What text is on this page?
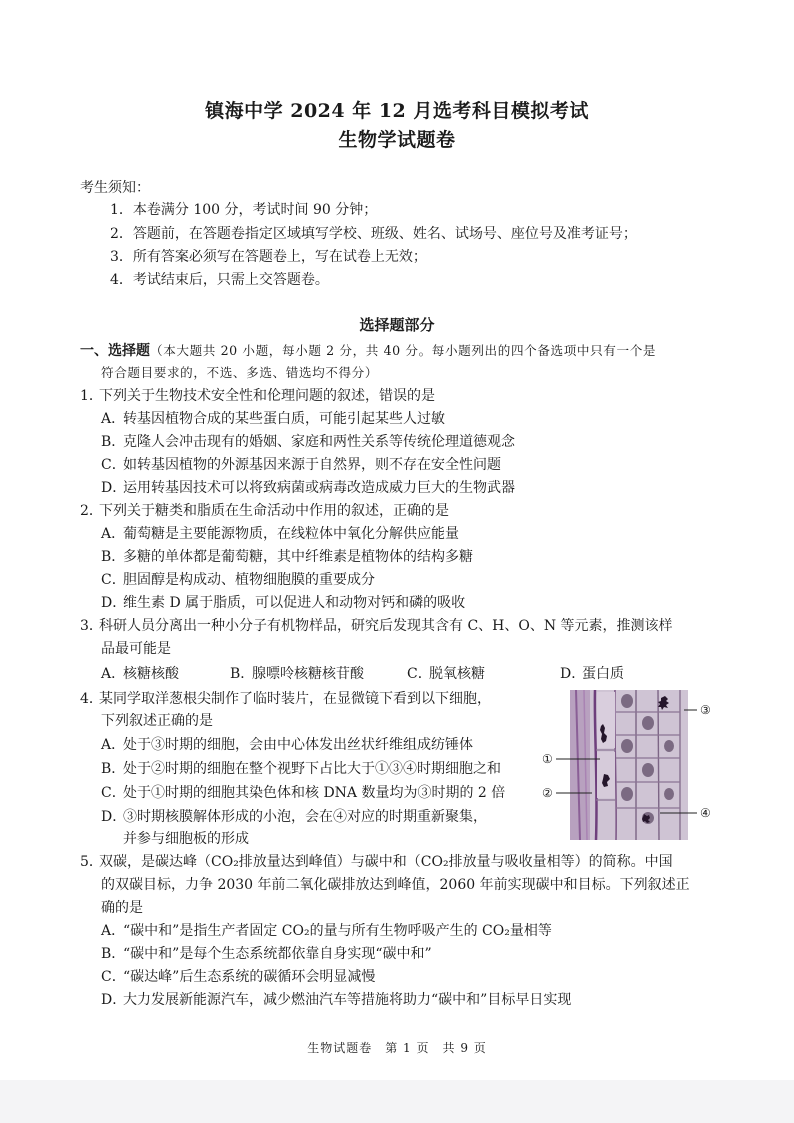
镇海中学 2024 年 12 月选考科目模拟考试
生物学试题卷
考生须知：
1．本卷满分 100 分，考试时间 90 分钟；
2．答题前，在答题卷指定区域填写学校、班级、姓名、试场号、座位号及准考证号；
3．所有答案必须写在答题卷上，写在试卷上无效；
4．考试结束后，只需上交答题卷。
选择题部分
一、选择题（本大题共 20 小题，每小题 2 分，共 40 分。每小题列出的四个备选项中只有一个是
符合题目要求的，不选、多选、错选均不得分）
1．
下列关于生物技术安全性和伦理问题的叙述，错误的是
A．转基因植物合成的某些蛋白质，可能引起某些人过敏
B．克隆人会冲击现有的婚姻、家庭和两性关系等传统伦理道德观念
C．如转基因植物的外源基因来源于自然界，则不存在安全性问题
D．运用转基因技术可以将致病菌或病毒改造成威力巨大的生物武器
2．
下列关于糖类和脂质在生命活动中作用的叙述，正确的是
A．葡萄糖是主要能源物质，在线粒体中氧化分解供应能量
B．多糖的单体都是葡萄糖，其中纤维素是植物体的结构多糖
C．胆固醇是构成动、植物细胞膜的重要成分
D．维生素 D 属于脂质，可以促进人和动物对钙和磷的吸收
3．
科研人员分离出一种小分子有机物样品，研究后发现其含有 C、H、O、N 等元素，推测该样
品最可能是
A．核糖核酸	B．腺嘌呤核糖核苷酸	C．脱氧核糖	D．蛋白质
4．
某同学取洋葱根尖制作了临时装片，在显微镜下看到以下细胞，
下列叙述正确的是
A．处于③时期的细胞，会由中心体发出丝状纤维组成纺锤体
B．处于②时期的细胞在整个视野下占比大于①③④时期细胞之和
C．处于①时期的细胞其染色体和核 DNA 数量均为③时期的 2 倍
D．③时期核膜解体形成的小泡，会在④对应的时期重新聚集，
并参与细胞板的形成
③
①
②
④
5．
双碳，是碳达峰（CO₂排放量达到峰值）与碳中和（CO₂排放量与吸收量相等）的简称。中国
的双碳目标，力争 2030 年前二氧化碳排放达到峰值，2060 年前实现碳中和目标。下列叙述正
确的是
A．“碳中和”是指生产者固定 CO₂的量与所有生物呼吸产生的 CO₂量相等
B．“碳中和”是每个生态系统都依靠自身实现“碳中和”
C．“碳达峰”后生态系统的碳循环会明显减慢
D．大力发展新能源汽车，减少燃油汽车等措施将助力“碳中和”目标早日实现
生物试题卷　第 1 页　共 9 页
